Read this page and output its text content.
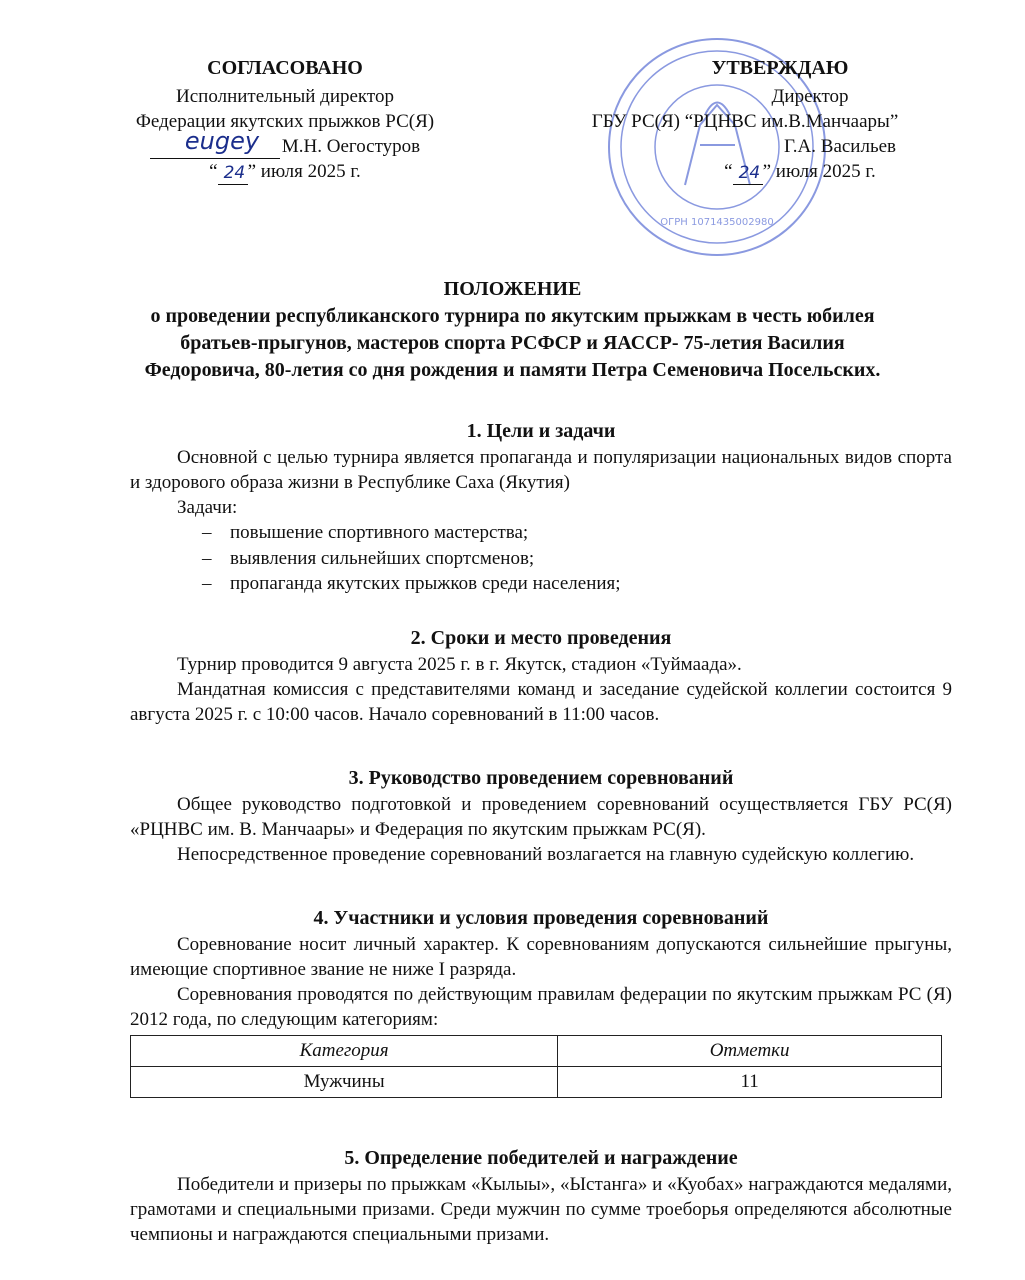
СОГЛАСОВАНО
Исполнительный директор
Федерации якутских прыжков РС(Я)
eugey М.Н. Оегостуров
“ 24 ” июля 2025 г.
ОГРН 1071435002980
УТВЕРЖДАЮ
Директор
ГБУ РС(Я) “РЦНВС им.В.Манчаары”
Г.А. Васильев
“ 24 ” июля 2025 г.
ПОЛОЖЕНИЕ
о проведении республиканского турнира по якутским прыжкам в честь юбилея братьев-прыгунов, мастеров спорта РСФСР и ЯАССР- 75-летия Василия Федоровича, 80-летия со дня рождения и памяти Петра Семеновича Посельских.
1. Цели и задачи

Основной с целью турнира является пропаганда и популяризации национальных видов спорта и здорового образа жизни в Республике Саха (Якутия)

Задачи:

– повышение спортивного мастерства;
– выявления сильнейших спортсменов;
– пропаганда якутских прыжков среди населения;
2. Сроки и место проведения

Турнир проводится 9 августа 2025 г. в г. Якутск, стадион «Туймаада».

Мандатная комиссия с представителями команд и заседание судейской коллегии состоится 9 августа 2025 г. с 10:00 часов. Начало соревнований в 11:00 часов.

3. Руководство проведением соревнований

Общее руководство подготовкой и проведением соревнований осуществляется ГБУ РС(Я) «РЦНВС им. В. Манчаары» и Федерация по якутским прыжкам РС(Я).

Непосредственное проведение соревнований возлагается на главную судейскую коллегию.

4. Участники и условия проведения соревнований

Соревнование носит личный характер. К соревнованиям допускаются сильнейшие прыгуны, имеющие спортивное звание не ниже I разряда.

Соревнования проводятся по действующим правилам федерации по якутским прыжкам РС (Я) 2012 года, по следующим категориям:

Категория	Отметки
Мужчины	11
5. Определение победителей и награждение

Победители и призеры по прыжкам «Кылыы», «Ыстанга» и «Куобах» награждаются медалями, грамотами и специальными призами. Среди мужчин по сумме троеборья определяются абсолютные чемпионы и награждаются специальными призами.
